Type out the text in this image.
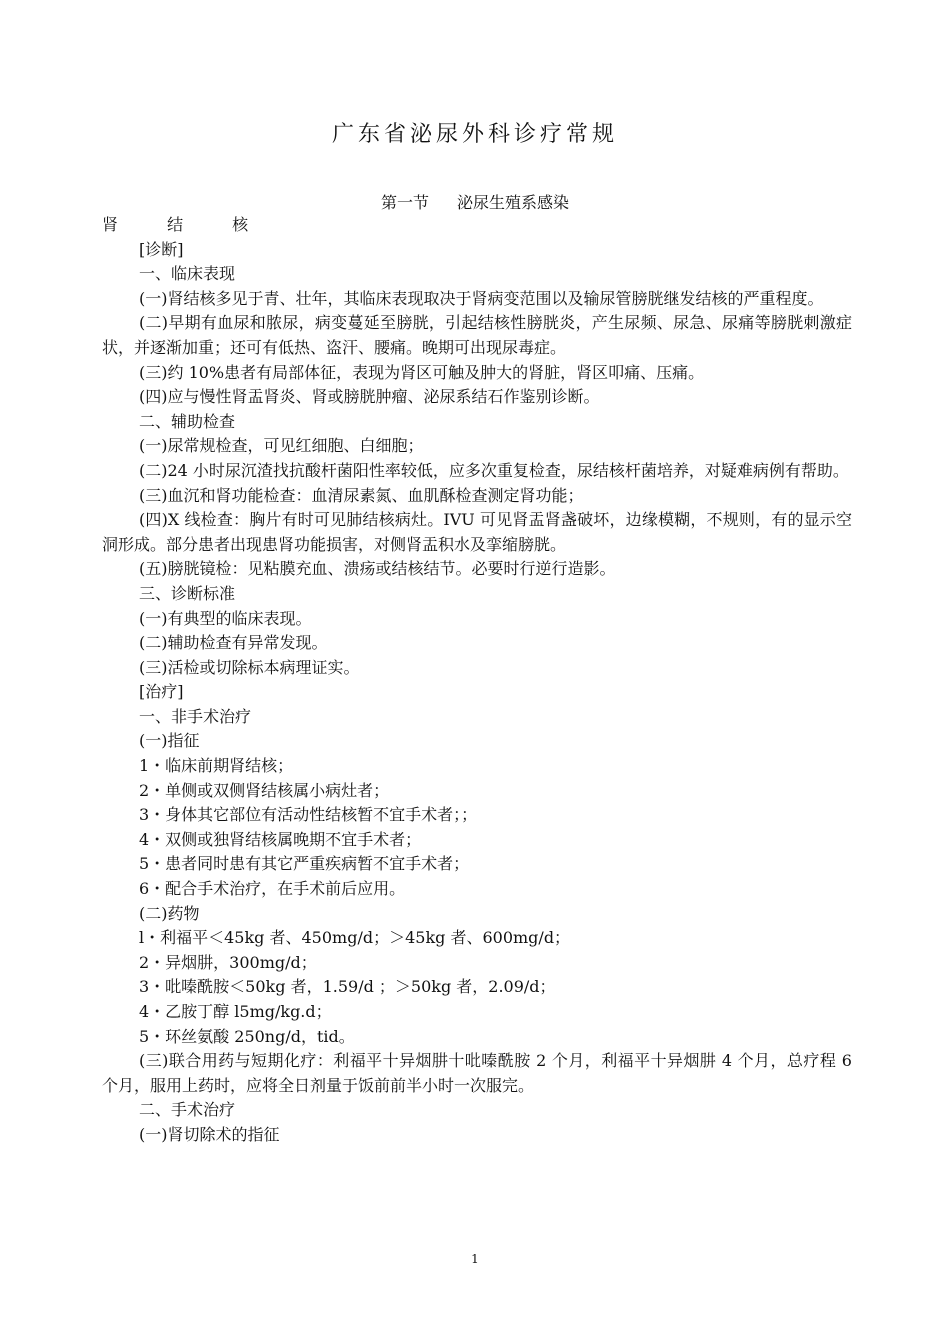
广东省泌尿外科诊疗常规
第一节 泌尿生殖系感染

肾 结 核

[诊断]

一、临床表现

(一)肾结核多见于青、壮年，其临床表现取决于肾病变范围以及输尿管膀胱继发结核的严重程度。

(二)早期有血尿和脓尿，病变蔓延至膀胱，引起结核性膀胱炎，产生尿频、尿急、尿痛等膀胱刺激症状，并逐渐加重；还可有低热、盗汗、腰痛。晚期可出现尿毒症。

(三)约 10%患者有局部体征，表现为肾区可触及肿大的肾脏，肾区叩痛、压痛。

(四)应与慢性肾盂肾炎、肾或膀胱肿瘤、泌尿系结石作鉴别诊断。

二、辅助检查

(一)尿常规检查，可见红细胞、白细胞；

(二)24 小时尿沉渣找抗酸杆菌阳性率较低，应多次重复检查，尿结核杆菌培养，对疑难病例有帮助。

(三)血沉和肾功能检查：血清尿素氮、血肌酥检查测定肾功能；

(四)X 线检查：胸片有时可见肺结核病灶。IVU 可见肾盂肾盏破坏，边缘模糊，不规则，有的显示空洞形成。部分患者出现患肾功能损害，对侧肾盂积水及挛缩膀胱。

(五)膀胱镜检：见粘膜充血、溃疡或结核结节。必要时行逆行造影。

三、诊断标准

(一)有典型的临床表现。

(二)辅助检查有异常发现。

(三)活检或切除标本病理证实。

[治疗]

一、非手术治疗

(一)指征

1・临床前期肾结核；

2・单侧或双侧肾结核属小病灶者；

3・身体其它部位有活动性结核暂不宜手术者；；

4・双侧或独肾结核属晚期不宜手术者；

5・患者同时患有其它严重疾病暂不宜手术者；

6・配合手术治疗，在手术前后应用。

(二)药物

l・利福平＜45kg 者、450mg/d；＞45kg 者、600mg/d；

2・异烟肼，300mg/d；

3・吡嗪酰胺＜50kg 者，1.59/d ；＞50kg 者，2.09/d；

4・乙胺丁醇 l5mg/kg.d；

5・环丝氨酸 250ng/d，tid。

(三)联合用药与短期化疗：利福平十异烟肼十吡嗪酰胺 2 个月，利福平十异烟肼 4 个月，总疗程 6 个月，服用上药时，应将全日剂量于饭前前半小时一次服完。

二、手术治疗

(一)肾切除术的指征

1
